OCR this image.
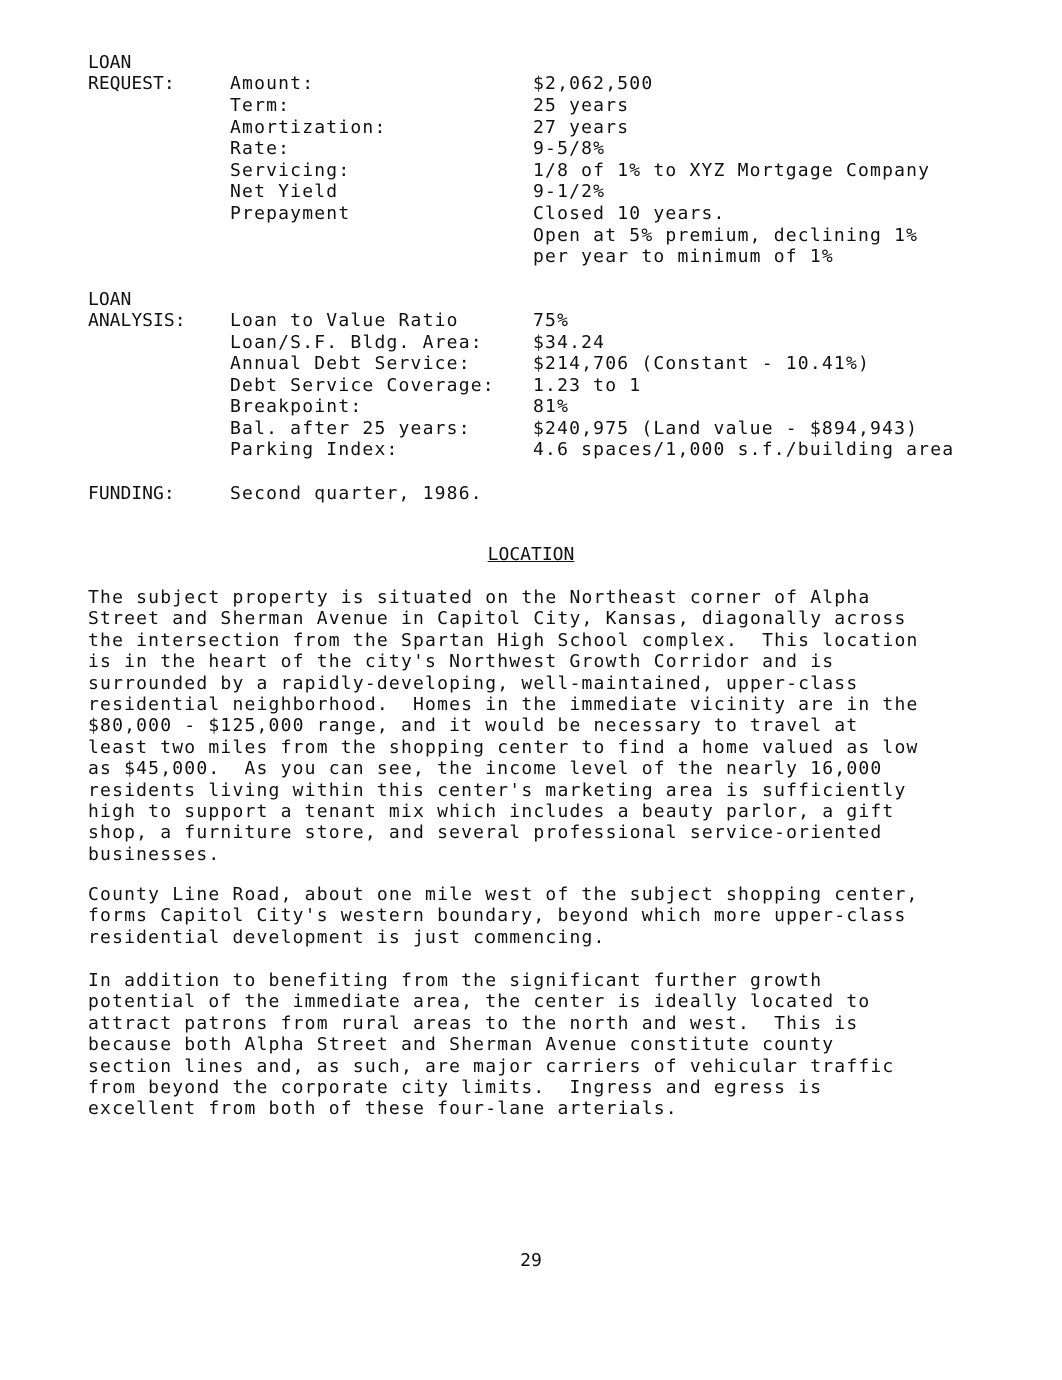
LOAN
REQUEST:	Amount:	$2,062,500
Term:	25 years
Amortization:	27 years
Rate:	9-5/8%
Servicing:	1/8 of 1% to XYZ Mortgage Company
Net Yield	9-1/2%
Prepayment	Closed 10 years.
Open at 5% premium, declining 1%
per year to minimum of 1%
LOAN
ANALYSIS: Loan to Value Ratio	75%
Loan/S.F. Bldg. Area:	$34.24
Annual Debt Service:	$214,706 (Constant - 10.41%)
Debt Service Coverage: 1.23 to 1
Breakpoint:	81%
Bal. after 25 years:	$240,975 (Land value - $894,943)
Parking Index:	4.6 spaces/1,000 s.f./building area
FUNDING:	Second quarter, 1986.
LOCATION
The subject property is situated on the Northeast corner of Alpha
Street and Sherman Avenue in Capitol City, Kansas, diagonally across
the intersection from the Spartan High School complex.  This location
is in the heart of the city's Northwest Growth Corridor and is
surrounded by a rapidly-developing, well-maintained, upper-class
residential neighborhood.  Homes in the immediate vicinity are in the
$80,000 - $125,000 range, and it would be necessary to travel at
least two miles from the shopping center to find a home valued as low
as $45,000.  As you can see, the income level of the nearly 16,000
residents living within this center's marketing area is sufficiently
high to support a tenant mix which includes a beauty parlor, a gift
shop, a furniture store, and several professional service-oriented
businesses.
County Line Road, about one mile west of the subject shopping center,
forms Capitol City's western boundary, beyond which more upper-class
residential development is just commencing.
In addition to benefiting from the significant further growth
potential of the immediate area, the center is ideally located to
attract patrons from rural areas to the north and west.  This is
because both Alpha Street and Sherman Avenue constitute county
section lines and, as such, are major carriers of vehicular traffic
from beyond the corporate city limits.  Ingress and egress is
excellent from both of these four-lane arterials.
29
